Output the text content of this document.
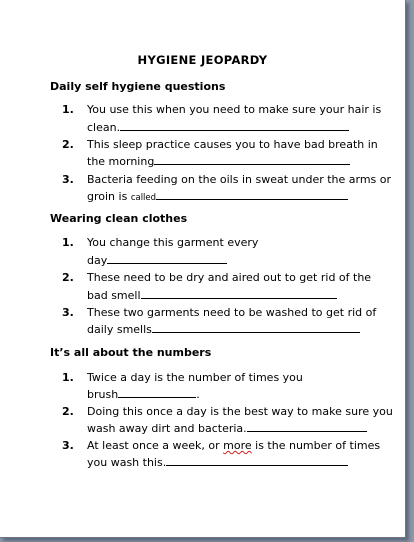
HYGIENE JEOPARDY
Daily self hygiene questions
1. You use this when you need to make sure your hair is
clean.
2. This sleep practice causes you to have bad breath in
the morning
3. Bacteria feeding on the oils in sweat under the arms or
groin is called
Wearing clean clothes
1. You change this garment every
day
2. These need to be dry and aired out to get rid of the
bad smell
3. These two garments need to be washed to get rid of
daily smells
It’s all about the numbers
1. Twice a day is the number of times you
brush	.
2. Doing this once a day is the best way to make sure you
wash away dirt and bacteria.
3. At least once a week, or more is the number of times
you wash this.
